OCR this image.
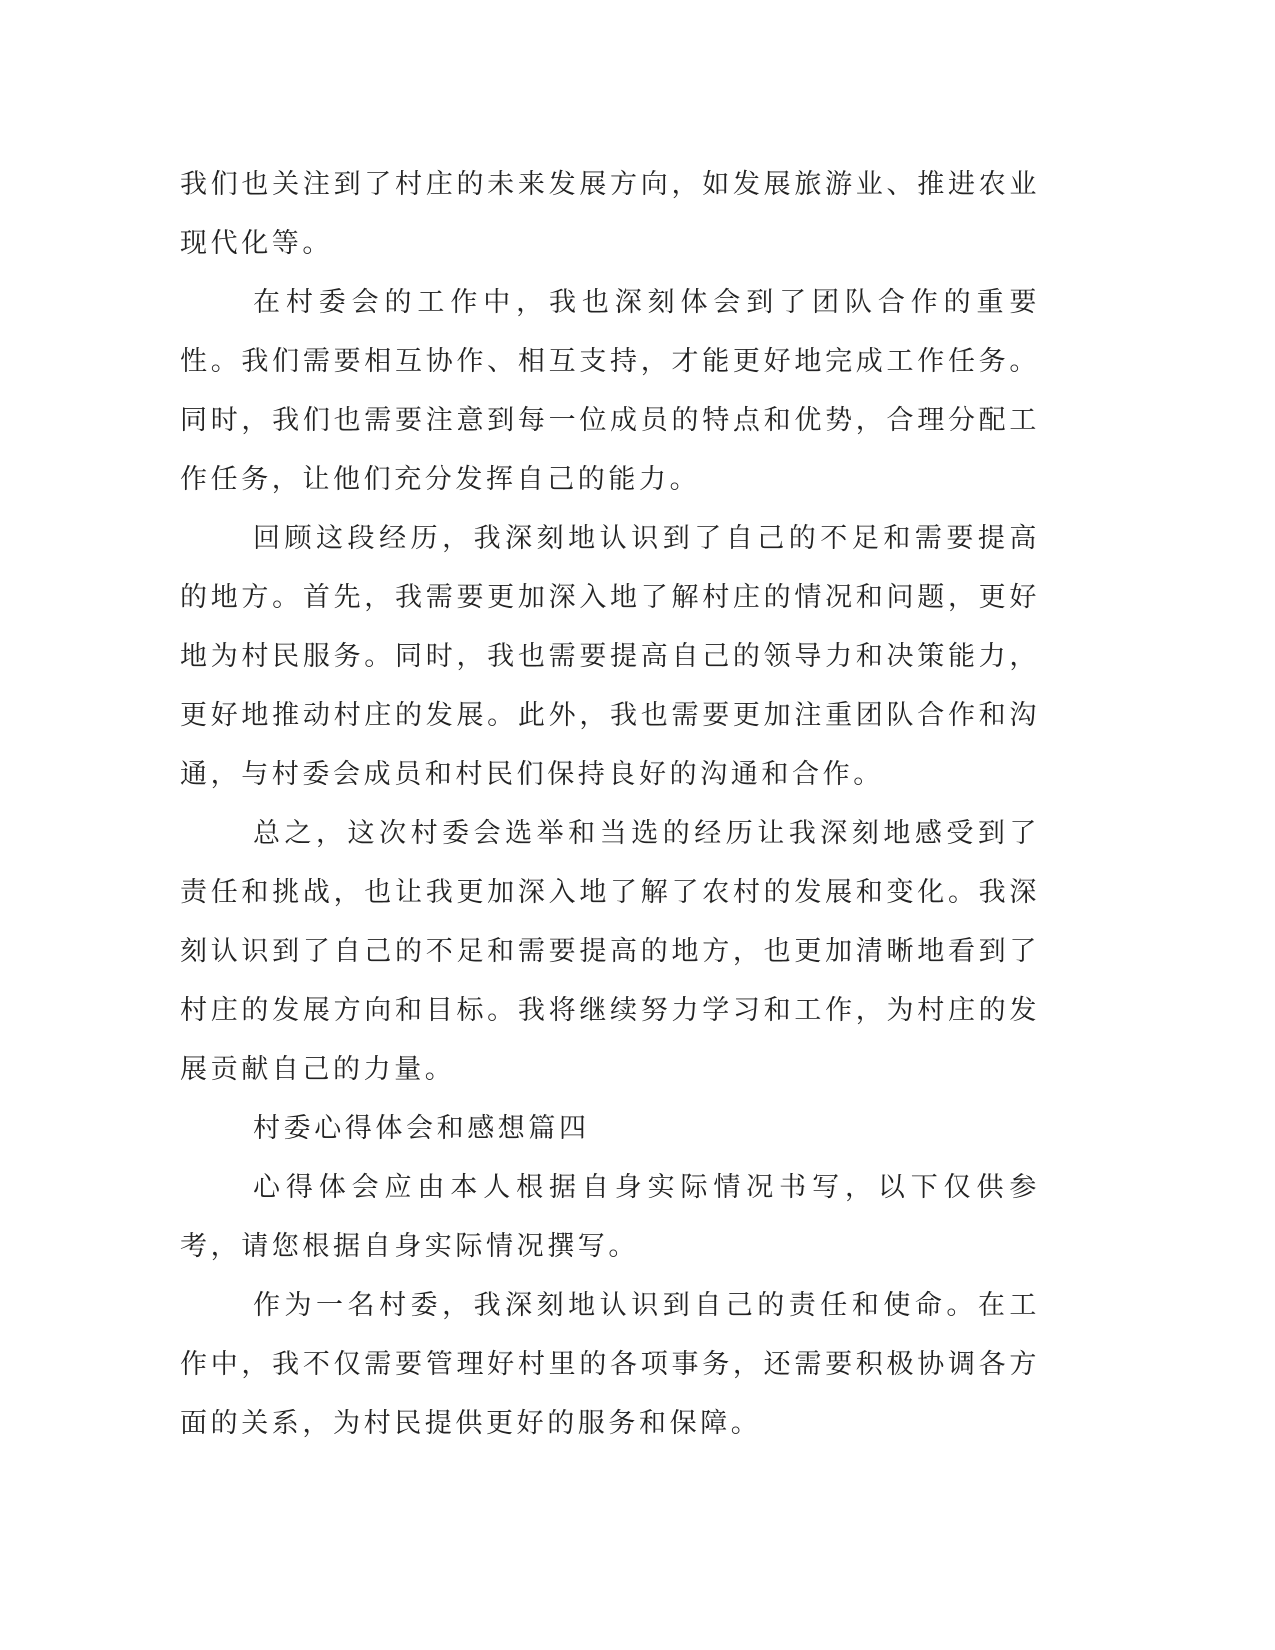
我们也关注到了村庄的未来发展方向，如发展旅游业、推进农业现代化等。

在村委会的工作中，我也深刻体会到了团队合作的重要性。我们需要相互协作、相互支持，才能更好地完成工作任务。同时，我们也需要注意到每一位成员的特点和优势，合理分配工作任务，让他们充分发挥自己的能力。

回顾这段经历，我深刻地认识到了自己的不足和需要提高的地方。首先，我需要更加深入地了解村庄的情况和问题，更好地为村民服务。同时，我也需要提高自己的领导力和决策能力，更好地推动村庄的发展。此外，我也需要更加注重团队合作和沟通，与村委会成员和村民们保持良好的沟通和合作。

总之，这次村委会选举和当选的经历让我深刻地感受到了责任和挑战，也让我更加深入地了解了农村的发展和变化。我深刻认识到了自己的不足和需要提高的地方，也更加清晰地看到了村庄的发展方向和目标。我将继续努力学习和工作，为村庄的发展贡献自己的力量。

村委心得体会和感想篇四

心得体会应由本人根据自身实际情况书写，以下仅供参考，请您根据自身实际情况撰写。

作为一名村委，我深刻地认识到自己的责任和使命。在工作中，我不仅需要管理好村里的各项事务，还需要积极协调各方面的关系，为村民提供更好的服务和保障。
